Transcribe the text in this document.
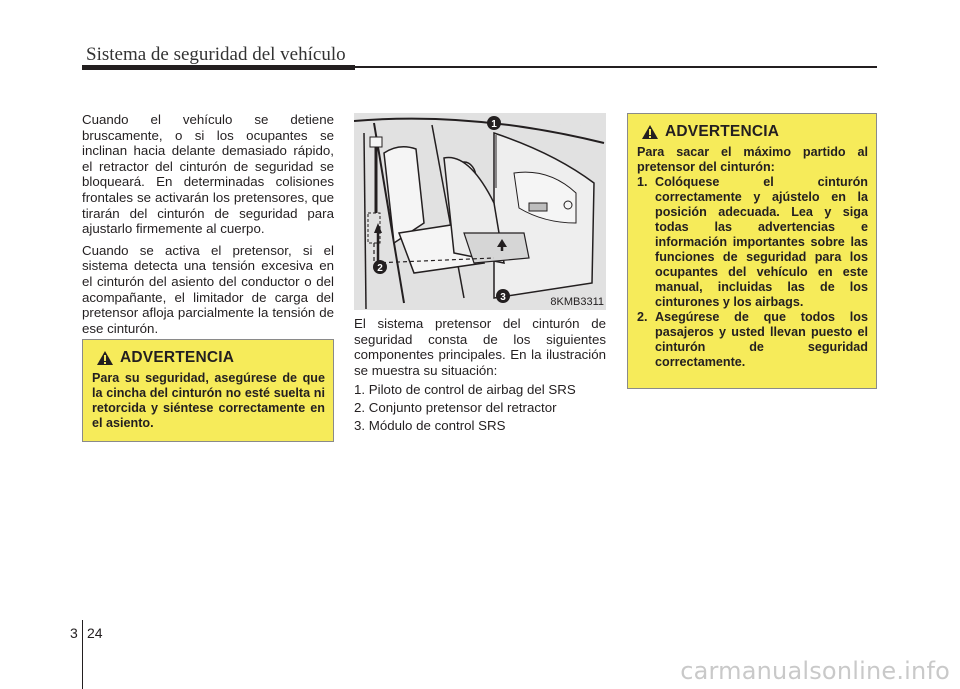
Sistema de seguridad del vehículo

Cuando el vehículo se detiene bruscamente, o si los ocupantes se inclinan hacia delante demasiado rápido, el retractor del cinturón de seguridad se bloqueará. En determinadas colisiones frontales se activarán los pretensores, que tirarán del cinturón de seguridad para ajustarlo firmemente al cuerpo.

Cuando se activa el pretensor, si el sistema detecta una tensión excesiva en el cinturón del asiento del conductor o del acompañante, el limitador de carga del pretensor afloja parcialmente la tensión de ese cinturón.

ADVERTENCIA

Para su seguridad, asegúrese de que la cincha del cinturón no esté suelta ni retorcida y siéntese correctamente en el asiento.

1
2
3	8KMB3311

El sistema pretensor del cinturón de seguridad consta de los siguientes componentes principales. En la ilustración se muestra su situación:

1. Piloto de control de airbag del SRS

2. Conjunto pretensor del retractor

3. Módulo de control SRS

ADVERTENCIA

Para sacar el máximo partido al pretensor del cinturón:

1. Colóquese el cinturón correctamente y ajústelo en la posición adecuada. Lea y siga todas las advertencias e información importantes sobre las funciones de seguridad para los ocupantes del vehículo en este manual, incluidas las de los cinturones y los airbags.
2. Asegúrese de que todos los pasajeros y usted llevan puesto el cinturón de seguridad correctamente.
3 24
carmanualsonline.info
